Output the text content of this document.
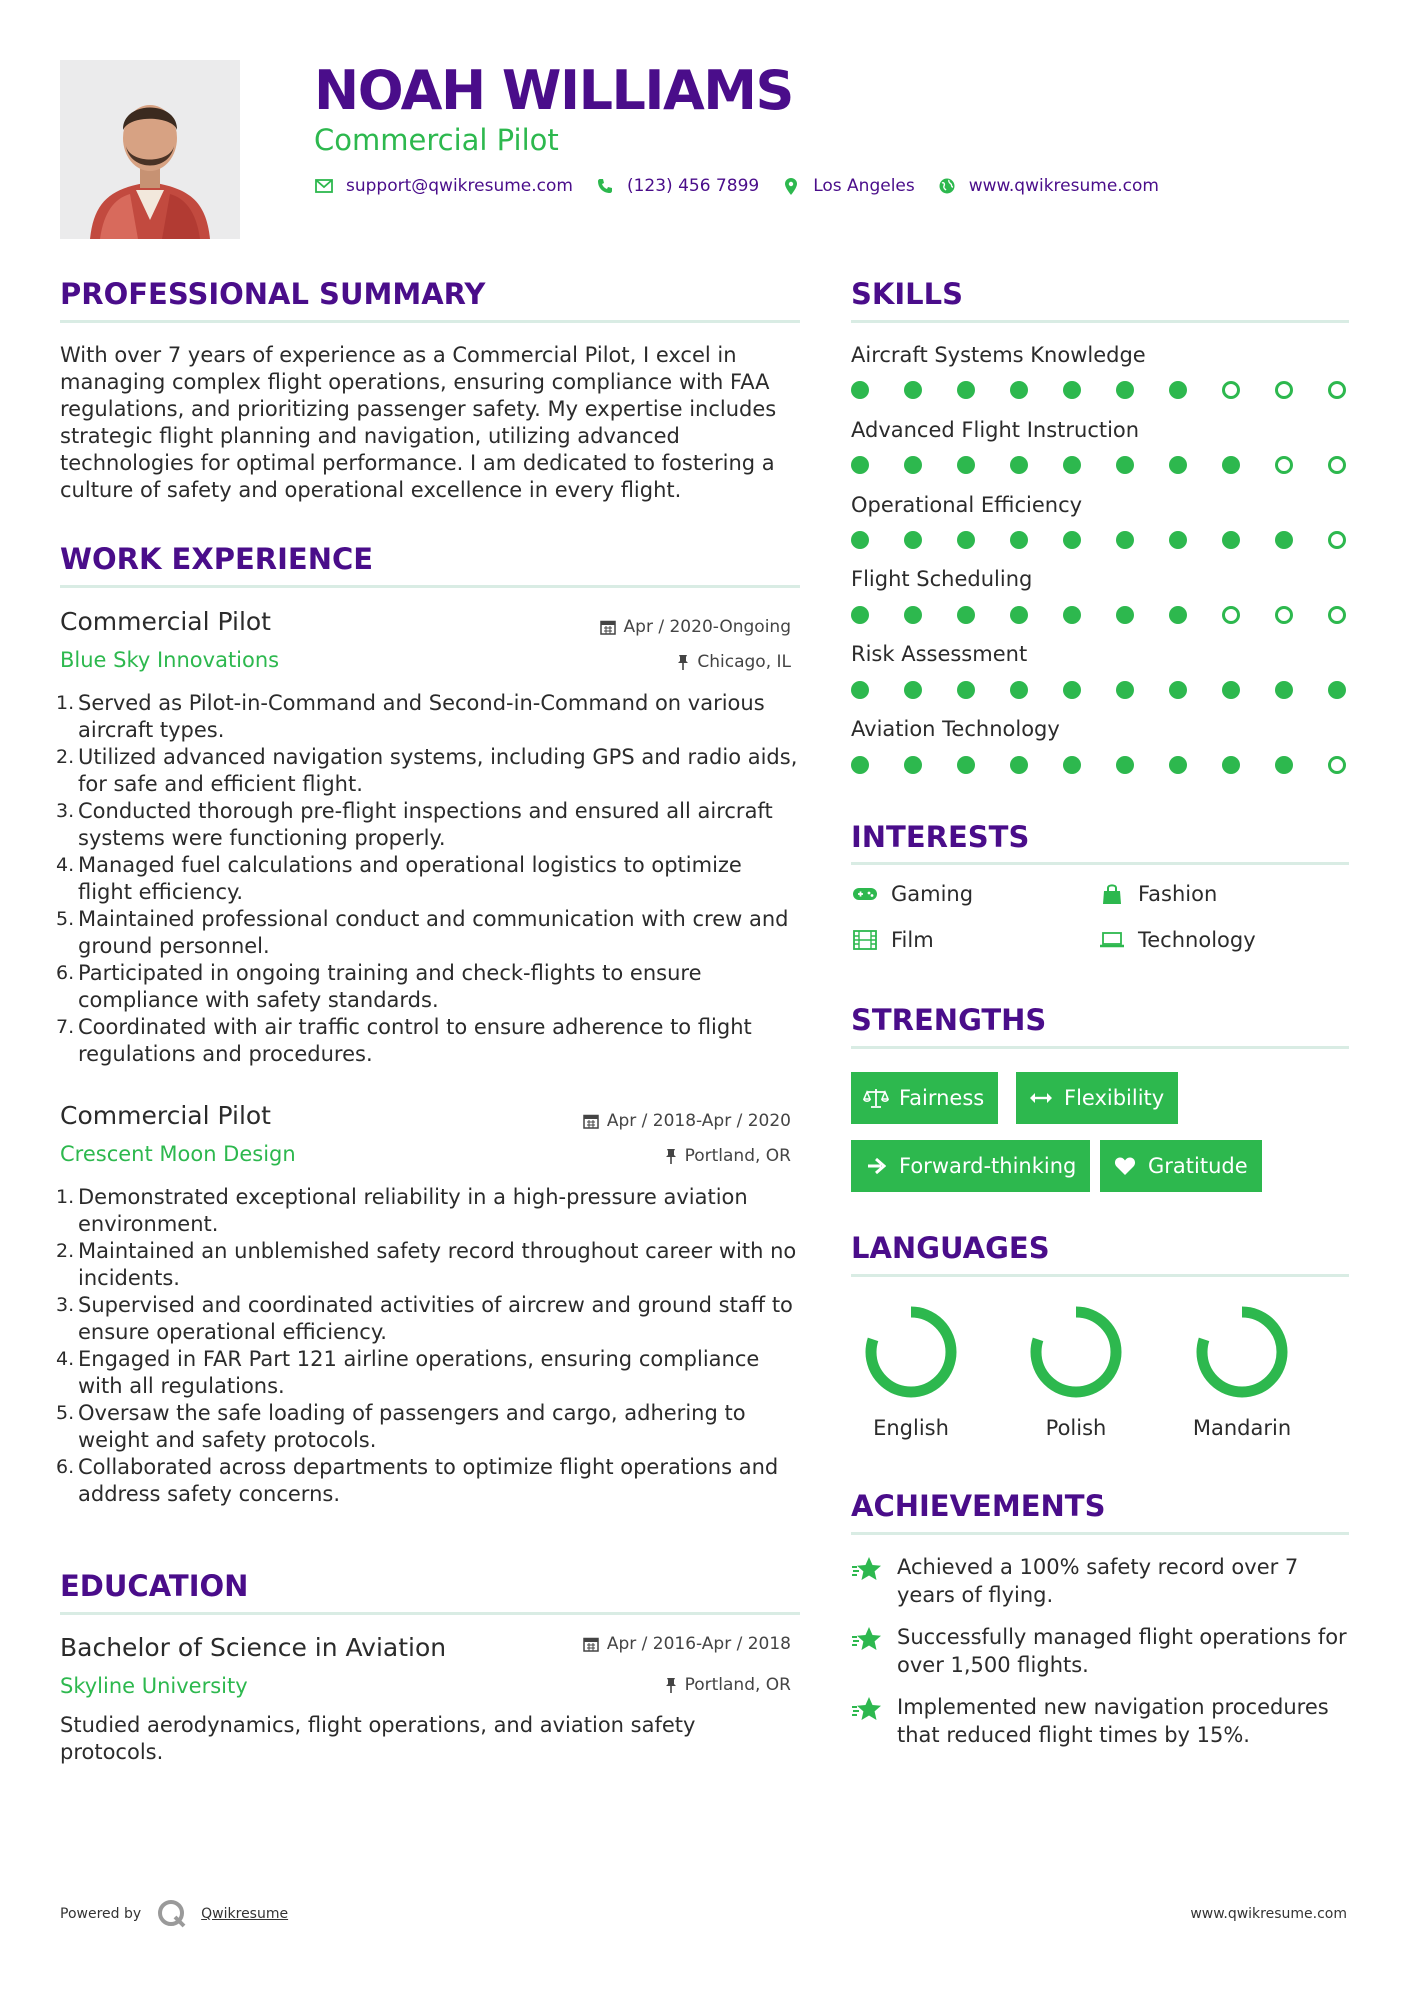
NOAH WILLIAMS
Commercial Pilot
support@qwikresume.com	(123) 456 7899	Los Angeles	www.qwikresume.com
PROFESSIONAL SUMMARY
With over 7 years of experience as a Commercial Pilot, I excel in managing complex flight operations, ensuring compliance with FAA regulations, and prioritizing passenger safety. My expertise includes strategic flight planning and navigation, utilizing advanced technologies for optimal performance. I am dedicated to fostering a culture of safety and operational excellence in every flight.
WORK EXPERIENCE
Commercial Pilot	Apr / 2020-Ongoing
Blue Sky Innovations	Chicago, IL
1. Served as Pilot-in-Command and Second-in-Command on various aircraft types.
2. Utilized advanced navigation systems, including GPS and radio aids, for safe and efficient flight.
3. Conducted thorough pre-flight inspections and ensured all aircraft systems were functioning properly.
4. Managed fuel calculations and operational logistics to optimize flight efficiency.
5. Maintained professional conduct and communication with crew and ground personnel.
6. Participated in ongoing training and check-flights to ensure compliance with safety standards.
7. Coordinated with air traffic control to ensure adherence to flight regulations and procedures.
Commercial Pilot	Apr / 2018-Apr / 2020
Crescent Moon Design	Portland, OR
1. Demonstrated exceptional reliability in a high-pressure aviation environment.
2. Maintained an unblemished safety record throughout career with no incidents.
3. Supervised and coordinated activities of aircrew and ground staff to ensure operational efficiency.
4. Engaged in FAR Part 121 airline operations, ensuring compliance with all regulations.
5. Oversaw the safe loading of passengers and cargo, adhering to weight and safety protocols.
6. Collaborated across departments to optimize flight operations and address safety concerns.
EDUCATION
Bachelor of Science in Aviation	Apr / 2016-Apr / 2018
Skyline University	Portland, OR
Studied aerodynamics, flight operations, and aviation safety protocols.
SKILLS
Aircraft Systems Knowledge
Advanced Flight Instruction
Operational Efficiency
Flight Scheduling
Risk Assessment
Aviation Technology
INTERESTS
Gaming	Fashion
Film	Technology
STRENGTHS
Fairness	Flexibility
Forward-thinking	Gratitude
LANGUAGES
English	Polish	Mandarin
ACHIEVEMENTS
Achieved a 100% safety record over 7 years of flying.
Successfully managed flight operations for over 1,500 flights.
Implemented new navigation procedures that reduced flight times by 15%.
Powered by	Qwikresume	www.qwikresume.com
